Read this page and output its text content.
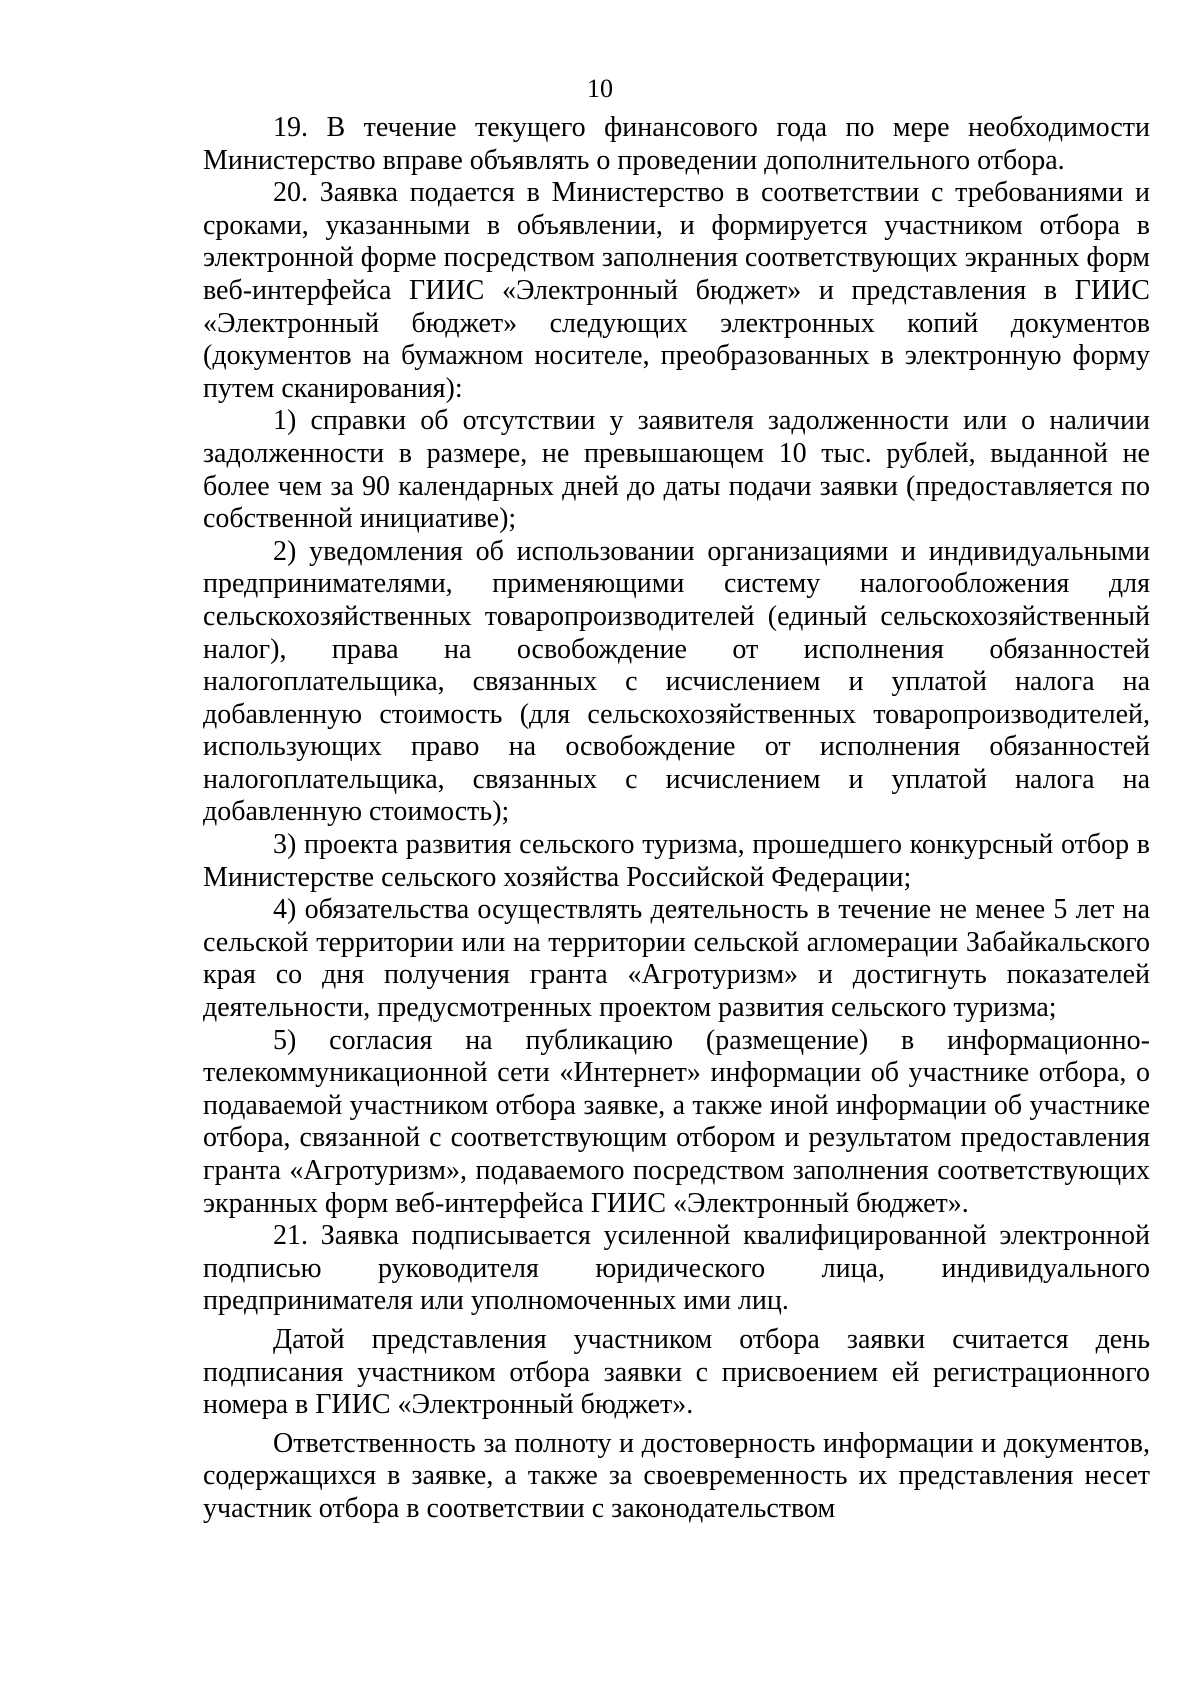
10

19. В течение текущего финансового года по мере необходимости Министерство вправе объявлять о проведении дополнительного отбора.

20. Заявка подается в Министерство в соответствии с требованиями и сроками, указанными в объявлении, и формируется участником отбора в электронной форме посредством заполнения соответствующих экранных форм веб-интерфейса ГИИС «Электронный бюджет» и представления в ГИИС «Электронный бюджет» следующих электронных копий документов (документов на бумажном носителе, преобразованных в электронную форму путем сканирования):

1) справки об отсутствии у заявителя задолженности или о наличии задолженности в размере, не превышающем 10 тыс. рублей, выданной не более чем за 90 календарных дней до даты подачи заявки (предоставляется по собственной инициативе);

2) уведомления об использовании организациями и индивидуальными предпринимателями, применяющими систему налогообложения для сельскохозяйственных товаропроизводителей (единый сельскохозяйственный налог), права на освобождение от исполнения обязанностей налогоплательщика, связанных с исчислением и уплатой налога на добавленную стоимость (для сельскохозяйственных товаропроизводителей, использующих право на освобождение от исполнения обязанностей налогоплательщика, связанных с исчислением и уплатой налога на добавленную стоимость);

3) проекта развития сельского туризма, прошедшего конкурсный отбор в Министерстве сельского хозяйства Российской Федерации;

4) обязательства осуществлять деятельность в течение не менее 5 лет на сельской территории или на территории сельской агломерации Забайкальского края со дня получения гранта «Агротуризм» и достигнуть показателей деятельности, предусмотренных проектом развития сельского туризма;

5) согласия на публикацию (размещение) в информационно-телекоммуникационной сети «Интернет» информации об участнике отбора, о подаваемой участником отбора заявке, а также иной информации об участнике отбора, связанной с соответствующим отбором и результатом предоставления гранта «Агротуризм», подаваемого посредством заполнения соответствующих экранных форм веб-интерфейса ГИИС «Электронный бюджет».

21. Заявка подписывается усиленной квалифицированной электронной подписью руководителя юридического лица, индивидуального предпринимателя или уполномоченных ими лиц.

Датой представления участником отбора заявки считается день подписания участником отбора заявки с присвоением ей регистрационного номера в ГИИС «Электронный бюджет».

Ответственность за полноту и достоверность информации и документов, содержащихся в заявке, а также за своевременность их представления несет участник отбора в соответствии с законодательством
